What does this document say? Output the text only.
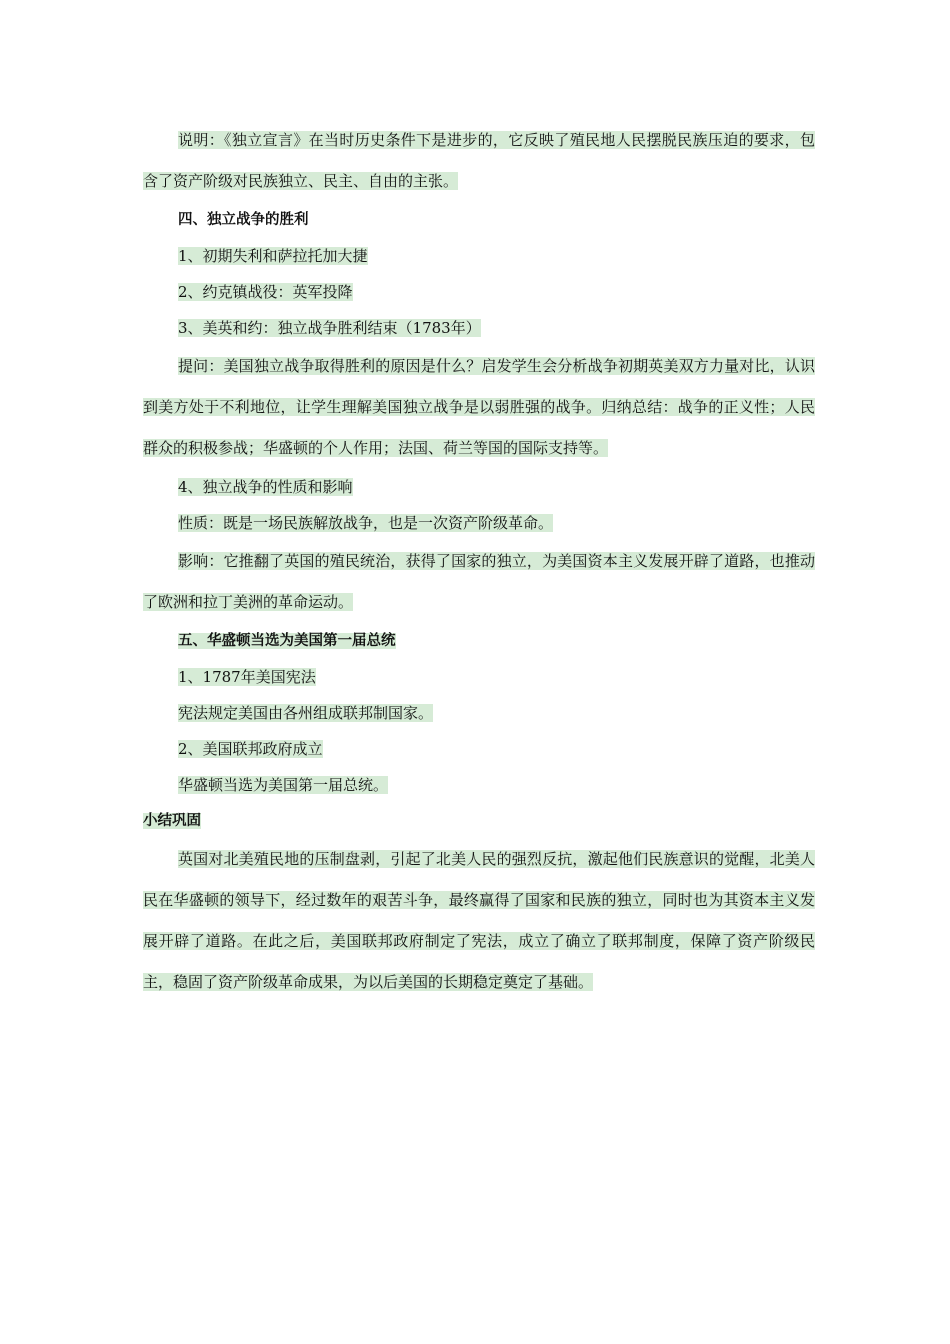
说明：《独立宣言》在当时历史条件下是进步的，它反映了殖民地人民摆脱民族压迫的要求，包含了资产阶级对民族独立、民主、自由的主张。

四、独立战争的胜利

1、初期失利和萨拉托加大捷

2、约克镇战役：英军投降

3、美英和约：独立战争胜利结束（1783年）

提问：美国独立战争取得胜利的原因是什么？启发学生会分析战争初期英美双方力量对比，认识到美方处于不利地位，让学生理解美国独立战争是以弱胜强的战争。归纳总结：战争的正义性；人民群众的积极参战；华盛顿的个人作用；法国、荷兰等国的国际支持等。

4、独立战争的性质和影响

性质：既是一场民族解放战争，也是一次资产阶级革命。

影响：它推翻了英国的殖民统治，获得了国家的独立，为美国资本主义发展开辟了道路，也推动了欧洲和拉丁美洲的革命运动。

五、华盛顿当选为美国第一届总统

1、1787年美国宪法

宪法规定美国由各州组成联邦制国家。

2、美国联邦政府成立

华盛顿当选为美国第一届总统。

小结巩固

英国对北美殖民地的压制盘剥，引起了北美人民的强烈反抗，激起他们民族意识的觉醒，北美人民在华盛顿的领导下，经过数年的艰苦斗争，最终赢得了国家和民族的独立，同时也为其资本主义发展开辟了道路。在此之后，美国联邦政府制定了宪法，成立了确立了联邦制度，保障了资产阶级民主，稳固了资产阶级革命成果，为以后美国的长期稳定奠定了基础。
